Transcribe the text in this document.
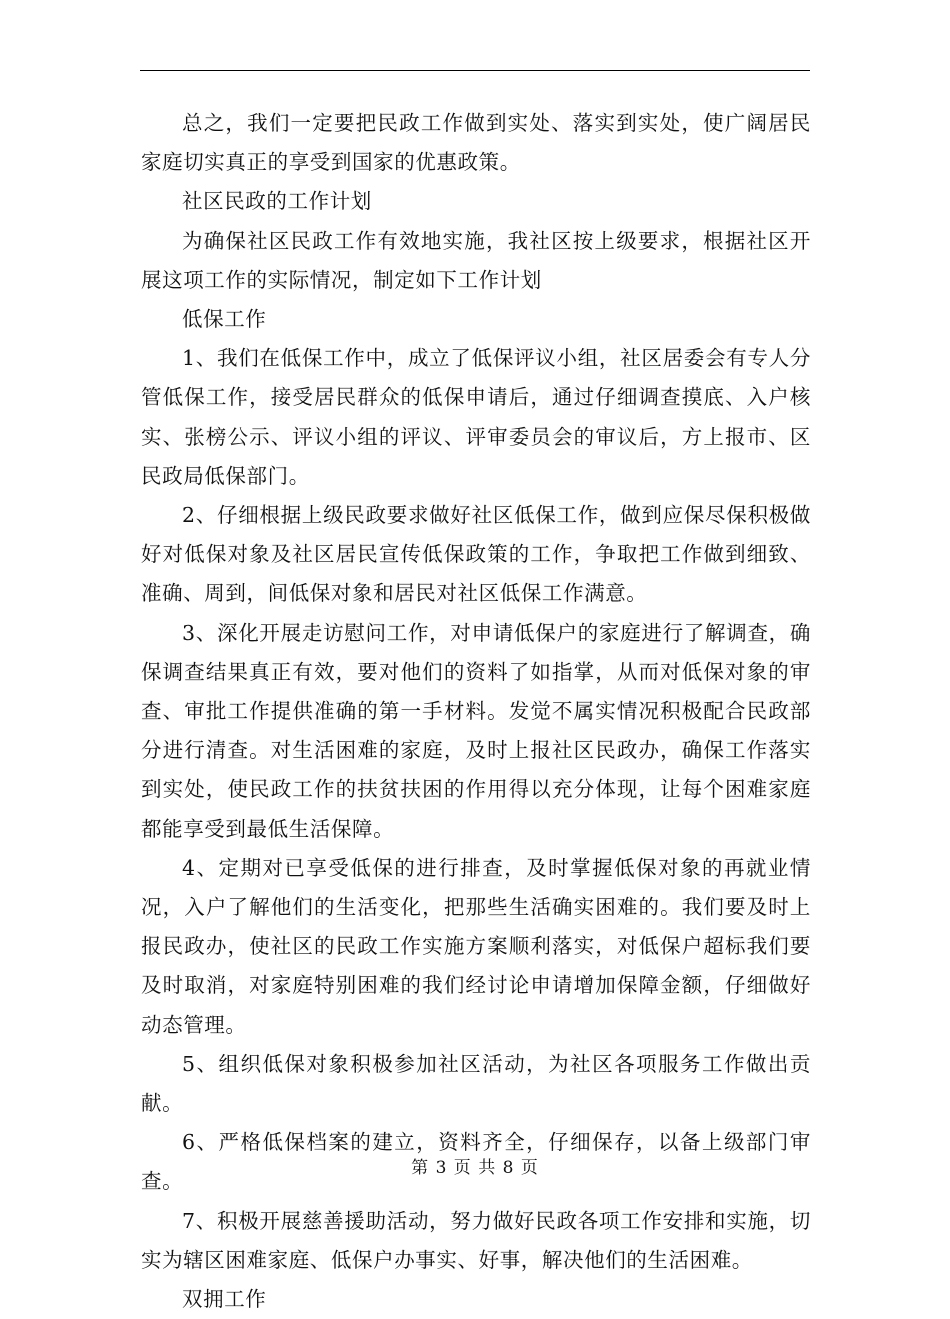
总之，我们一定要把民政工作做到实处、落实到实处，使广阔居民家庭切实真正的享受到国家的优惠政策。

社区民政的工作计划

为确保社区民政工作有效地实施，我社区按上级要求，根据社区开展这项工作的实际情况，制定如下工作计划

低保工作

1、我们在低保工作中，成立了低保评议小组，社区居委会有专人分管低保工作，接受居民群众的低保申请后，通过仔细调查摸底、入户核实、张榜公示、评议小组的评议、评审委员会的审议后，方上报市、区民政局低保部门。

2、仔细根据上级民政要求做好社区低保工作，做到应保尽保积极做好对低保对象及社区居民宣传低保政策的工作，争取把工作做到细致、准确、周到，间低保对象和居民对社区低保工作满意。

3、深化开展走访慰问工作，对申请低保户的家庭进行了解调查，确保调查结果真正有效，要对他们的资料了如指掌，从而对低保对象的审查、审批工作提供准确的第一手材料。发觉不属实情况积极配合民政部分进行清查。对生活困难的家庭，及时上报社区民政办，确保工作落实到实处，使民政工作的扶贫扶困的作用得以充分体现，让每个困难家庭都能享受到最低生活保障。

4、定期对已享受低保的进行排查，及时掌握低保对象的再就业情况，入户了解他们的生活变化，把那些生活确实困难的。我们要及时上报民政办，使社区的民政工作实施方案顺利落实，对低保户超标我们要及时取消，对家庭特别困难的我们经讨论申请增加保障金额，仔细做好动态管理。

5、组织低保对象积极参加社区活动，为社区各项服务工作做出贡献。

6、严格低保档案的建立，资料齐全，仔细保存，以备上级部门审查。

7、积极开展慈善援助活动，努力做好民政各项工作安排和实施，切实为辖区困难家庭、低保户办事实、好事，解决他们的生活困难。

双拥工作

第 3 页 共 8 页
